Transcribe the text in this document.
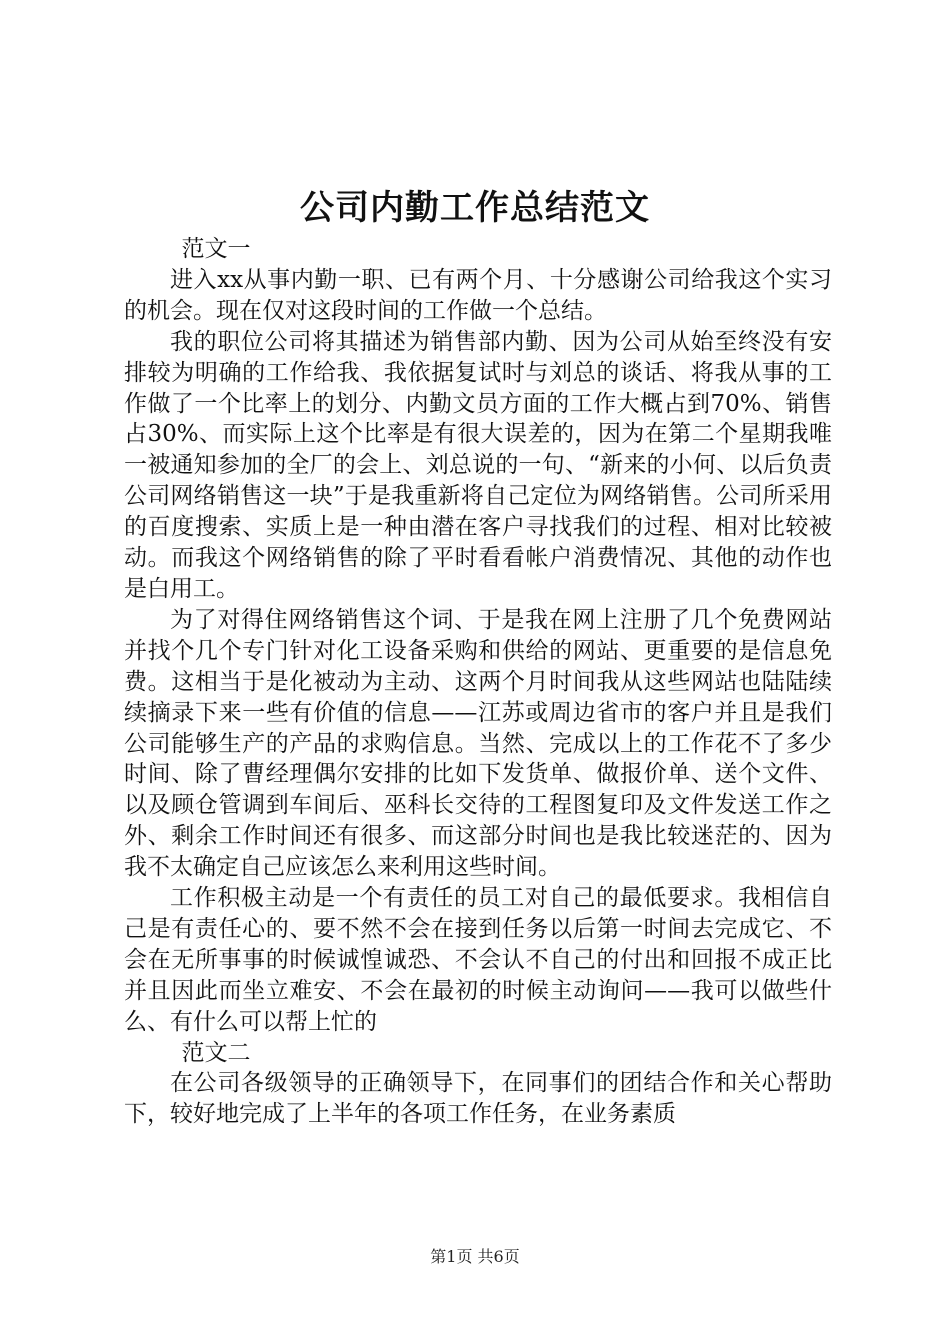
公司内勤工作总结范文

范文一

进入xx从事内勤一职、已有两个月、十分感谢公司给我这个实习的机会。现在仅对这段时间的工作做一个总结。

我的职位公司将其描述为销售部内勤、因为公司从始至终没有安排较为明确的工作给我、我依据复试时与刘总的谈话、将我从事的工作做了一个比率上的划分、内勤文员方面的工作大概占到70%、销售占30%、而实际上这个比率是有很大误差的，因为在第二个星期我唯一被通知参加的全厂的会上、刘总说的一句、“新来的小何、以后负责公司网络销售这一块”于是我重新将自己定位为网络销售。公司所采用的百度搜索、实质上是一种由潜在客户寻找我们的过程、相对比较被动。而我这个网络销售的除了平时看看帐户消费情况、其他的动作也是白用工。

为了对得住网络销售这个词、于是我在网上注册了几个免费网站并找个几个专门针对化工设备采购和供给的网站、更重要的是信息免费。这相当于是化被动为主动、这两个月时间我从这些网站也陆陆续续摘录下来一些有价值的信息——江苏或周边省市的客户并且是我们公司能够生产的产品的求购信息。当然、完成以上的工作花不了多少时间、除了曹经理偶尔安排的比如下发货单、做报价单、送个文件、以及顾仓管调到车间后、巫科长交待的工程图复印及文件发送工作之外、剩余工作时间还有很多、而这部分时间也是我比较迷茫的、因为我不太确定自己应该怎么来利用这些时间。

工作积极主动是一个有责任的员工对自己的最低要求。我相信自己是有责任心的、要不然不会在接到任务以后第一时间去完成它、不会在无所事事的时候诚惶诚恐、不会认不自己的付出和回报不成正比并且因此而坐立难安、不会在最初的时候主动询问——我可以做些什么、有什么可以帮上忙的

范文二

在公司各级领导的正确领导下，在同事们的团结合作和关心帮助下，较好地完成了上半年的各项工作任务，在业务素质

第1页 共6页
